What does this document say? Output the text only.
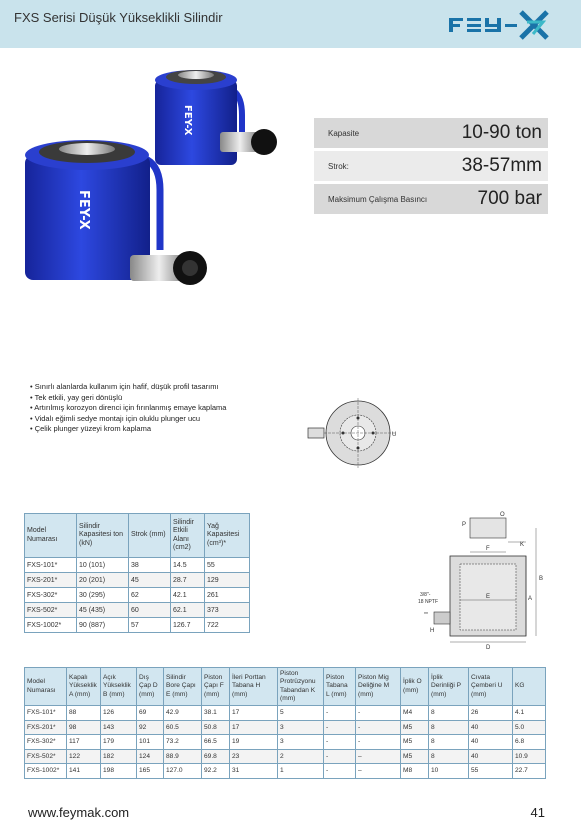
FXS Serisi Düşük Yükseklikli Silindir
FEY-X
FEY-X
Kapasite	10-90 ton
Strok:	38-57mm
Maksimum Çalışma Basıncı	700 bar
• Sınırlı alanlarda kullanım için hafif, düşük profil tasarımı
• Tek etkili, yay geri dönüşlü
• Artırılmış korozyon direnci için fırınlanmış emaye kaplama
• Vidalı eğimli sedye montajı için oluklu plunger ucu
• Çelik plunger yüzeyi krom kaplama
U
O
P
F
K
B
A
E
H
D
**
3/8"-
18 NPTF
Model Numarası	Silindir Kapasitesi ton (kN)	Strok (mm)	Silindir Etkili Alanı (cm2)	Yağ Kapasitesi (cm³)*
FXS-101*	10 (101)	38	14.5	55
FXS-201*	20 (201)	45	28.7	129
FXS-302*	30 (295)	62	42.1	261
FXS-502*	45 (435)	60	62.1	373
FXS-1002*	90 (887)	57	126.7	722
Model Numarası	Kapalı Yükseklik A (mm)	Açık Yükseklik B (mm)	Dış Çap D (mm)	Silindir Bore Çapı E (mm)	Piston Çapı F (mm)	İleri Porttan Tabana H (mm)	Piston Protrüzyonu Tabandan K (mm)	Piston Tabana L (mm)	Piston Mig Deliğine M (mm)	İplik O (mm)	İplik Derinliği P (mm)	Cıvata Çemberi U (mm)	KG
FXS-101*	88	126	69	42.9	38.1	17	5	-	-	M4	8	26	4.1
FXS-201*	98	143	92	60.5	50.8	17	3	-	-	M5	8	40	5.0
FXS-302*	117	179	101	73.2	66.5	19	3	-	-	M5	8	40	6.8
FXS-502*	122	182	124	88.9	69.8	23	2	-	–	M5	8	40	10.9
FXS-1002*	141	198	165	127.0	92.2	31	1	-	–	M8	10	55	22.7
www.feymak.com	41
